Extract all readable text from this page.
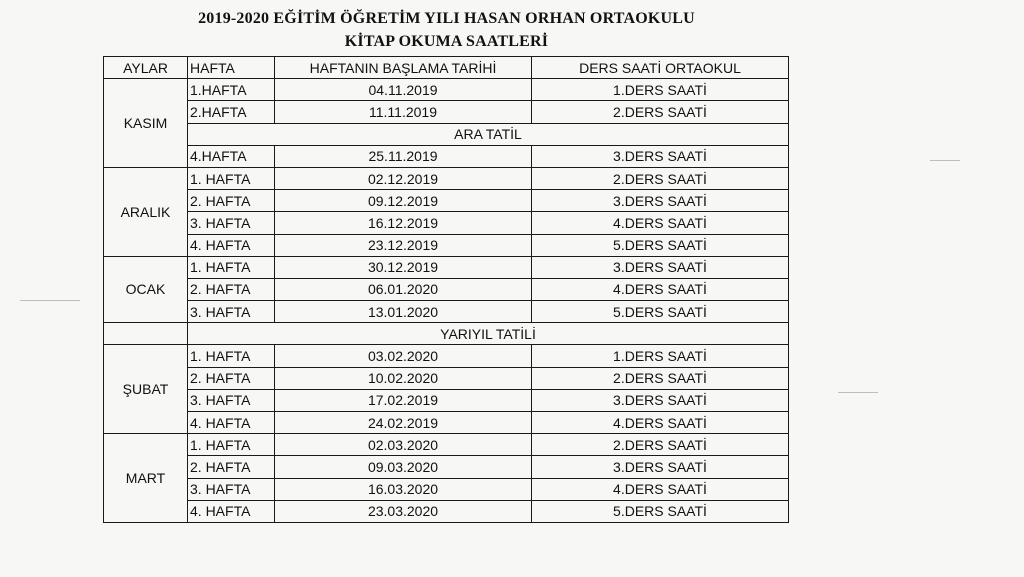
2019-2020 EĞİTİM ÖĞRETİM YILI HASAN ORHAN ORTAOKULU
KİTAP OKUMA SAATLERİ
AYLAR	HAFTA	HAFTANIN BAŞLAMA TARİHİ	DERS SAATİ ORTAOKUL
KASIM	1.HAFTA	04.11.2019	1.DERS SAATİ
	2.HAFTA	11.11.2019	2.DERS SAATİ
	ARA TATİL		
	4.HAFTA	25.11.2019	3.DERS SAATİ
ARALIK	1. HAFTA	02.12.2019	2.DERS SAATİ
	2. HAFTA	09.12.2019	3.DERS SAATİ
	3. HAFTA	16.12.2019	4.DERS SAATİ
	4. HAFTA	23.12.2019	5.DERS SAATİ
OCAK	1. HAFTA	30.12.2019	3.DERS SAATİ
	2. HAFTA	06.01.2020	4.DERS SAATİ
	3. HAFTA	13.01.2020	5.DERS SAATİ
	YARIYIL TATİLİ		
ŞUBAT	1. HAFTA	03.02.2020	1.DERS SAATİ
	2. HAFTA	10.02.2020	2.DERS SAATİ
	3. HAFTA	17.02.2019	3.DERS SAATİ
	4. HAFTA	24.02.2019	4.DERS SAATİ
MART	1. HAFTA	02.03.2020	2.DERS SAATİ
	2. HAFTA	09.03.2020	3.DERS SAATİ
	3. HAFTA	16.03.2020	4.DERS SAATİ
	4. HAFTA	23.03.2020	5.DERS SAATİ
